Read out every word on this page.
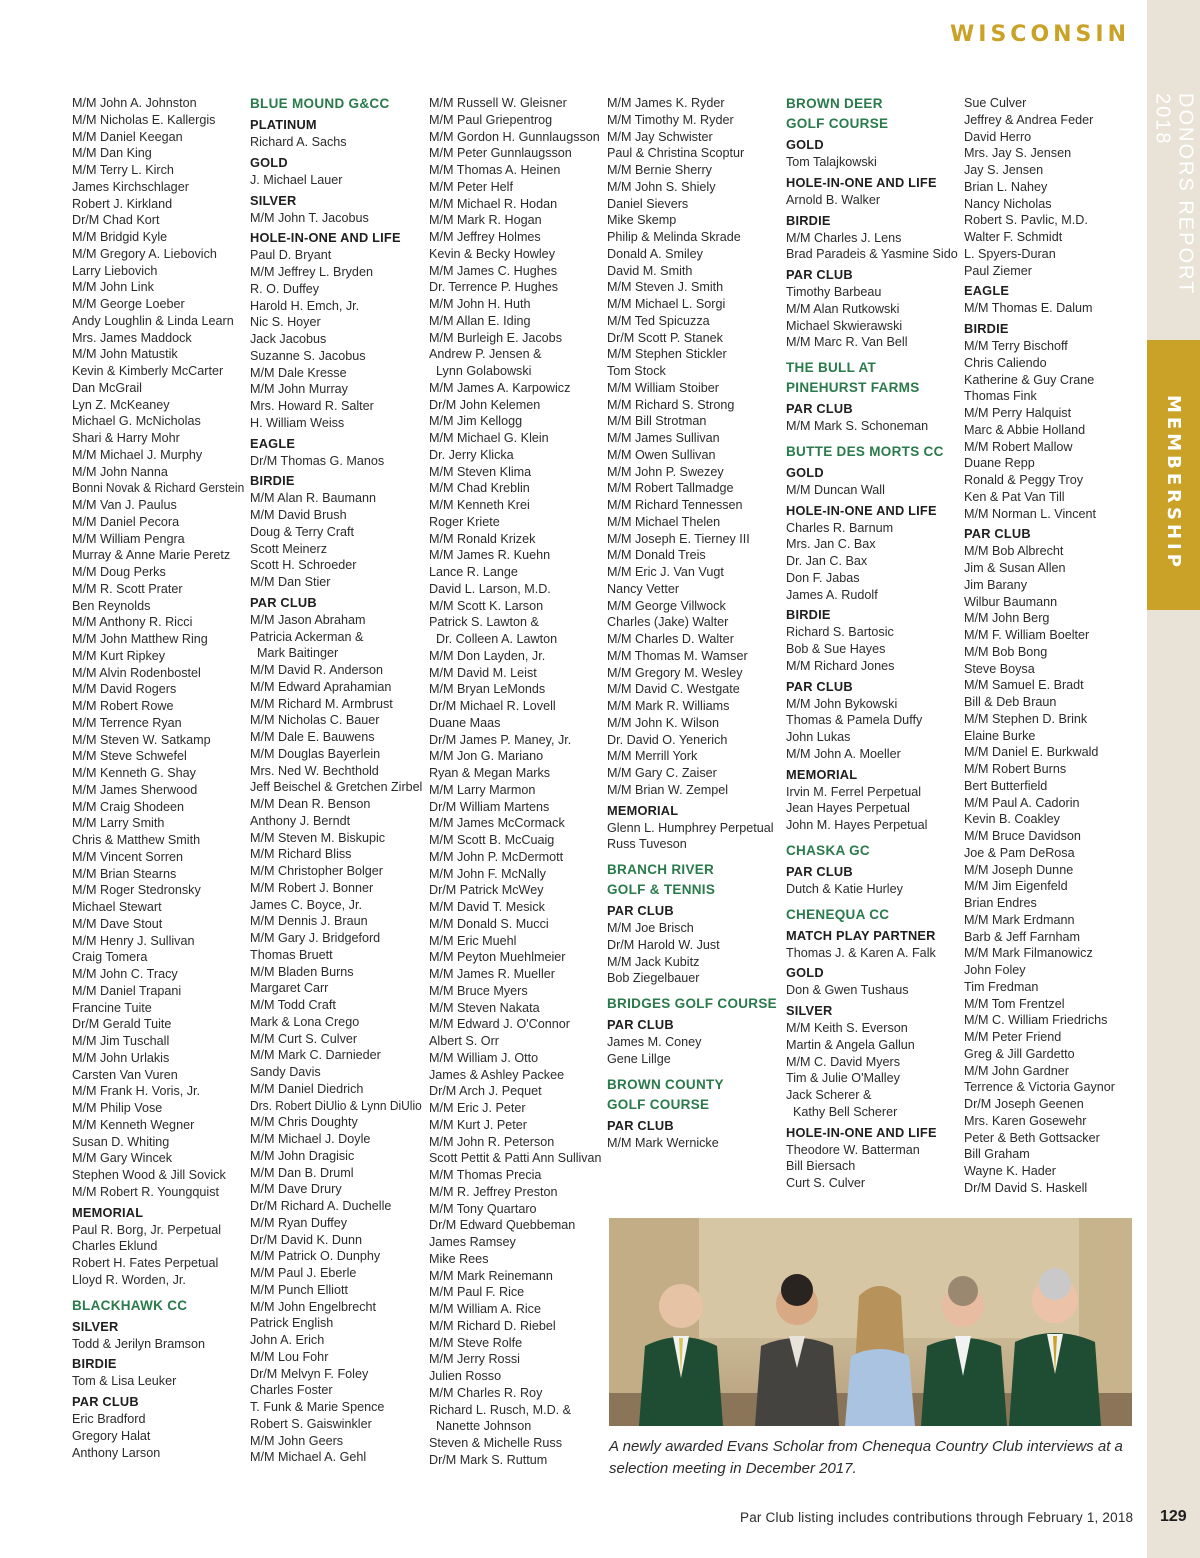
WISCONSIN
DONORS REPORT 2018
MEMBERSHIP
M/M John A. Johnston
M/M Nicholas E. Kallergis
M/M Daniel Keegan
M/M Dan King
M/M Terry L. Kirch
James Kirchschlager
Robert J. Kirkland
Dr/M Chad Kort
M/M Bridgid Kyle
M/M Gregory A. Liebovich
Larry Liebovich
M/M John Link
M/M George Loeber
Andy Loughlin & Linda Learn
Mrs. James Maddock
M/M John Matustik
Kevin & Kimberly McCarter
Dan McGrail
Lyn Z. McKeaney
Michael G. McNicholas
Shari & Harry Mohr
M/M Michael J. Murphy
M/M John Nanna
Bonni Novak & Richard Gerstein
M/M Van J. Paulus
M/M Daniel Pecora
M/M William Pengra
Murray & Anne Marie Peretz
M/M Doug Perks
M/M R. Scott Prater
Ben Reynolds
M/M Anthony R. Ricci
M/M John Matthew Ring
M/M Kurt Ripkey
M/M Alvin Rodenbostel
M/M David Rogers
M/M Robert Rowe
M/M Terrence Ryan
M/M Steven W. Satkamp
M/M Steve Schwefel
M/M Kenneth G. Shay
M/M James Sherwood
M/M Craig Shodeen
M/M Larry Smith
Chris & Matthew Smith
M/M Vincent Sorren
M/M Brian Stearns
M/M Roger Stedronsky
Michael Stewart
M/M Dave Stout
M/M Henry J. Sullivan
Craig Tomera
M/M John C. Tracy
M/M Daniel Trapani
Francine Tuite
Dr/M Gerald Tuite
M/M Jim Tuschall
M/M John Urlakis
Carsten Van Vuren
M/M Frank H. Voris, Jr.
M/M Philip Vose
M/M Kenneth Wegner
Susan D. Whiting
M/M Gary Wincek
Stephen Wood & Jill Sovick
M/M Robert R. Youngquist
MEMORIAL
Paul R. Borg, Jr. Perpetual
Charles Eklund
Robert H. Fates Perpetual
Lloyd R. Worden, Jr.
BLACKHAWK CC
SILVER
Todd & Jerilyn Bramson
BIRDIE
Tom & Lisa Leuker
PAR CLUB
Eric Bradford
Gregory Halat
Anthony Larson
BLUE MOUND G&CC
PLATINUM
Richard A. Sachs
GOLD
J. Michael Lauer
SILVER
M/M John T. Jacobus
HOLE-IN-ONE AND LIFE
Paul D. Bryant
M/M Jeffrey L. Bryden
R. O. Duffey
Harold H. Emch, Jr.
Nic S. Hoyer
Jack Jacobus
Suzanne S. Jacobus
M/M Dale Kresse
M/M John Murray
Mrs. Howard R. Salter
H. William Weiss
EAGLE
Dr/M Thomas G. Manos
BIRDIE
M/M Alan R. Baumann
M/M David Brush
Doug & Terry Craft
Scott Meinerz
Scott H. Schroeder
M/M Dan Stier
PAR CLUB
M/M Jason Abraham
Patricia Ackerman &
Mark Baitinger
M/M David R. Anderson
M/M Edward Aprahamian
M/M Richard M. Armbrust
M/M Nicholas C. Bauer
M/M Dale E. Bauwens
M/M Douglas Bayerlein
Mrs. Ned W. Bechthold
Jeff Beischel & Gretchen Zirbel
M/M Dean R. Benson
Anthony J. Berndt
M/M Steven M. Biskupic
M/M Richard Bliss
M/M Christopher Bolger
M/M Robert J. Bonner
James C. Boyce, Jr.
M/M Dennis J. Braun
M/M Gary J. Bridgeford
Thomas Bruett
M/M Bladen Burns
Margaret Carr
M/M Todd Craft
Mark & Lona Crego
M/M Curt S. Culver
M/M Mark C. Darnieder
Sandy Davis
M/M Daniel Diedrich
Drs. Robert DiUlio & Lynn DiUlio
M/M Chris Doughty
M/M Michael J. Doyle
M/M John Dragisic
M/M Dan B. Druml
M/M Dave Drury
Dr/M Richard A. Duchelle
M/M Ryan Duffey
Dr/M David K. Dunn
M/M Patrick O. Dunphy
M/M Paul J. Eberle
M/M Punch Elliott
M/M John Engelbrecht
Patrick English
John A. Erich
M/M Lou Fohr
Dr/M Melvyn F. Foley
Charles Foster
T. Funk & Marie Spence
Robert S. Gaiswinkler
M/M John Geers
M/M Michael A. Gehl
M/M Russell W. Gleisner
M/M Paul Griepentrog
M/M Gordon H. Gunnlaugsson
M/M Peter Gunnlaugsson
M/M Thomas A. Heinen
M/M Peter Helf
M/M Michael R. Hodan
M/M Mark R. Hogan
M/M Jeffrey Holmes
Kevin & Becky Howley
M/M James C. Hughes
Dr. Terrence P. Hughes
M/M John H. Huth
M/M Allan E. Iding
M/M Burleigh E. Jacobs
Andrew P. Jensen &
Lynn Golabowski
M/M James A. Karpowicz
Dr/M John Kelemen
M/M Jim Kellogg
M/M Michael G. Klein
Dr. Jerry Klicka
M/M Steven Klima
M/M Chad Kreblin
M/M Kenneth Krei
Roger Kriete
M/M Ronald Krizek
M/M James R. Kuehn
Lance R. Lange
David L. Larson, M.D.
M/M Scott K. Larson
Patrick S. Lawton &
Dr. Colleen A. Lawton
M/M Don Layden, Jr.
M/M David M. Leist
M/M Bryan LeMonds
Dr/M Michael R. Lovell
Duane Maas
Dr/M James P. Maney, Jr.
M/M Jon G. Mariano
Ryan & Megan Marks
M/M Larry Marmon
Dr/M William Martens
M/M James McCormack
M/M Scott B. McCuaig
M/M John P. McDermott
M/M John F. McNally
Dr/M Patrick McWey
M/M David T. Mesick
M/M Donald S. Mucci
M/M Eric Muehl
M/M Peyton Muehlmeier
M/M James R. Mueller
M/M Bruce Myers
M/M Steven Nakata
M/M Edward J. O'Connor
Albert S. Orr
M/M William J. Otto
James & Ashley Packee
Dr/M Arch J. Pequet
M/M Eric J. Peter
M/M Kurt J. Peter
M/M John R. Peterson
Scott Pettit & Patti Ann Sullivan
M/M Thomas Precia
M/M R. Jeffrey Preston
M/M Tony Quartaro
Dr/M Edward Quebbeman
James Ramsey
Mike Rees
M/M Mark Reinemann
M/M Paul F. Rice
M/M William A. Rice
M/M Richard D. Riebel
M/M Steve Rolfe
M/M Jerry Rossi
Julien Rosso
M/M Charles R. Roy
Richard L. Rusch, M.D. &
Nanette Johnson
Steven & Michelle Russ
Dr/M Mark S. Ruttum
M/M James K. Ryder
M/M Timothy M. Ryder
M/M Jay Schwister
Paul & Christina Scoptur
M/M Bernie Sherry
M/M John S. Shiely
Daniel Sievers
Mike Skemp
Philip & Melinda Skrade
Donald A. Smiley
David M. Smith
M/M Steven J. Smith
M/M Michael L. Sorgi
M/M Ted Spicuzza
Dr/M Scott P. Stanek
M/M Stephen Stickler
Tom Stock
M/M William Stoiber
M/M Richard S. Strong
M/M Bill Strotman
M/M James Sullivan
M/M Owen Sullivan
M/M John P. Swezey
M/M Robert Tallmadge
M/M Richard Tennessen
M/M Michael Thelen
M/M Joseph E. Tierney III
M/M Donald Treis
M/M Eric J. Van Vugt
Nancy Vetter
M/M George Villwock
Charles (Jake) Walter
M/M Charles D. Walter
M/M Thomas M. Wamser
M/M Gregory M. Wesley
M/M David C. Westgate
M/M Mark R. Williams
M/M John K. Wilson
Dr. David O. Yenerich
M/M Merrill York
M/M Gary C. Zaiser
M/M Brian W. Zempel
MEMORIAL
Glenn L. Humphrey Perpetual
Russ Tuveson
BRANCH RIVER
GOLF & TENNIS
PAR CLUB
M/M Joe Brisch
Dr/M Harold W. Just
M/M Jack Kubitz
Bob Ziegelbauer
BRIDGES GOLF COURSE
PAR CLUB
James M. Coney
Gene Lillge
BROWN COUNTY
GOLF COURSE
PAR CLUB
M/M Mark Wernicke
BROWN DEER
GOLF COURSE
GOLD
Tom Talajkowski
HOLE-IN-ONE AND LIFE
Arnold B. Walker
BIRDIE
M/M Charles J. Lens
Brad Paradeis & Yasmine Sido
PAR CLUB
Timothy Barbeau
M/M Alan Rutkowski
Michael Skwierawski
M/M Marc R. Van Bell
THE BULL AT
PINEHURST FARMS
PAR CLUB
M/M Mark S. Schoneman
BUTTE DES MORTS CC
GOLD
M/M Duncan Wall
HOLE-IN-ONE AND LIFE
Charles R. Barnum
Mrs. Jan C. Bax
Dr. Jan C. Bax
Don F. Jabas
James A. Rudolf
BIRDIE
Richard S. Bartosic
Bob & Sue Hayes
M/M Richard Jones
PAR CLUB
M/M John Bykowski
Thomas & Pamela Duffy
John Lukas
M/M John A. Moeller
MEMORIAL
Irvin M. Ferrel Perpetual
Jean Hayes Perpetual
John M. Hayes Perpetual
CHASKA GC
PAR CLUB
Dutch & Katie Hurley
CHENEQUA CC
MATCH PLAY PARTNER
Thomas J. & Karen A. Falk
GOLD
Don & Gwen Tushaus
SILVER
M/M Keith S. Everson
Martin & Angela Gallun
M/M C. David Myers
Tim & Julie O'Malley
Jack Scherer &
Kathy Bell Scherer
HOLE-IN-ONE AND LIFE
Theodore W. Batterman
Bill Biersach
Curt S. Culver
Sue Culver
Jeffrey & Andrea Feder
David Herro
Mrs. Jay S. Jensen
Jay S. Jensen
Brian L. Nahey
Nancy Nicholas
Robert S. Pavlic, M.D.
Walter F. Schmidt
L. Spyers-Duran
Paul Ziemer
EAGLE
M/M Thomas E. Dalum
BIRDIE
M/M Terry Bischoff
Chris Caliendo
Katherine & Guy Crane
Thomas Fink
M/M Perry Halquist
Marc & Abbie Holland
M/M Robert Mallow
Duane Repp
Ronald & Peggy Troy
Ken & Pat Van Till
M/M Norman L. Vincent
PAR CLUB
M/M Bob Albrecht
Jim & Susan Allen
Jim Barany
Wilbur Baumann
M/M John Berg
M/M F. William Boelter
M/M Bob Bong
Steve Boysa
M/M Samuel E. Bradt
Bill & Deb Braun
M/M Stephen D. Brink
Elaine Burke
M/M Daniel E. Burkwald
M/M Robert Burns
Bert Butterfield
M/M Paul A. Cadorin
Kevin B. Coakley
M/M Bruce Davidson
Joe & Pam DeRosa
M/M Joseph Dunne
M/M Jim Eigenfeld
Brian Endres
M/M Mark Erdmann
Barb & Jeff Farnham
M/M Mark Filmanowicz
John Foley
Tim Fredman
M/M Tom Frentzel
M/M C. William Friedrichs
M/M Peter Friend
Greg & Jill Gardetto
M/M John Gardner
Terrence & Victoria Gaynor
Dr/M Joseph Geenen
Mrs. Karen Gosewehr
Peter & Beth Gottsacker
Bill Graham
Wayne K. Hader
Dr/M David S. Haskell
A newly awarded Evans Scholar from Chenequa Country Club interviews at a selection meeting in December 2017.
Par Club listing includes contributions through February 1, 2018 129
